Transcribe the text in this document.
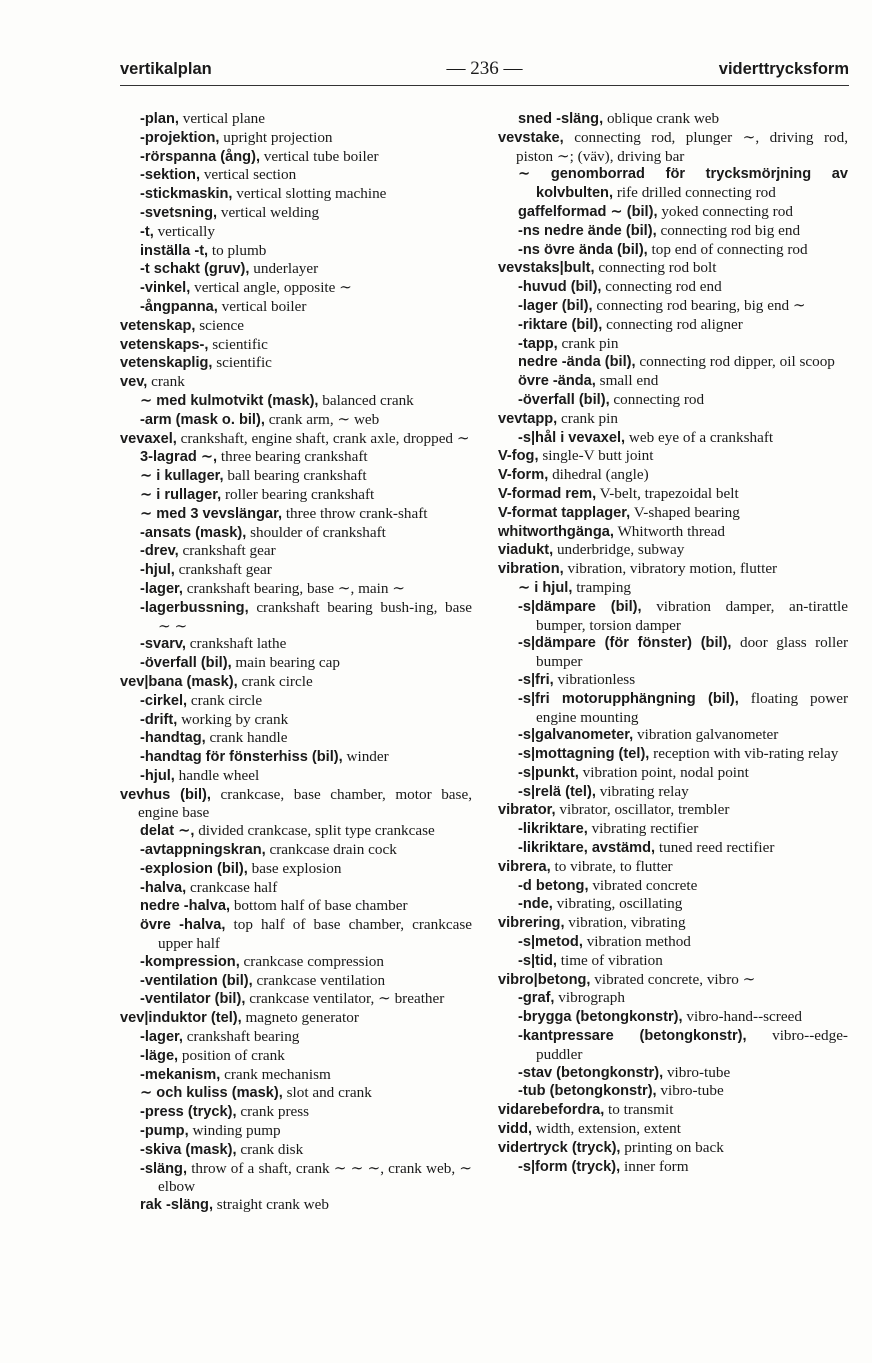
vertikalplan	— 236 —	viderttrycksform
-plan, vertical plane
-projektion, upright projection
-rörspanna (ång), vertical tube boiler
-sektion, vertical section
-stickmaskin, vertical slotting machine
-svetsning, vertical welding
-t, vertically
inställa -t, to plumb
-t schakt (gruv), underlayer
-vinkel, vertical angle, opposite ∼
-ångpanna, vertical boiler
vetenskap, science
vetenskaps-, scientific
vetenskaplig, scientific
vev, crank
∼ med kulmotvikt (mask), balanced crank
-arm (mask o. bil), crank arm, ∼ web
vevaxel, crankshaft, engine shaft, crank axle, dropped ∼
3-lagrad ∼, three bearing crankshaft
∼ i kullager, ball bearing crankshaft
∼ i rullager, roller bearing crankshaft
∼ med 3 vevslängar, three throw crank-shaft
-ansats (mask), shoulder of crankshaft
-drev, crankshaft gear
-hjul, crankshaft gear
-lager, crankshaft bearing, base ∼, main ∼
-lagerbussning, crankshaft bearing bush-ing, base ∼ ∼
-svarv, crankshaft lathe
-överfall (bil), main bearing cap
vev|bana (mask), crank circle
-cirkel, crank circle
-drift, working by crank
-handtag, crank handle
-handtag för fönsterhiss (bil), winder
-hjul, handle wheel
vevhus (bil), crankcase, base chamber, motor base, engine base
delat ∼, divided crankcase, split type crankcase
-avtappningskran, crankcase drain cock
-explosion (bil), base explosion
-halva, crankcase half
nedre -halva, bottom half of base chamber
övre -halva, top half of base chamber, crankcase upper half
-kompression, crankcase compression
-ventilation (bil), crankcase ventilation
-ventilator (bil), crankcase ventilator, ∼ breather
vev|induktor (tel), magneto generator
-lager, crankshaft bearing
-läge, position of crank
-mekanism, crank mechanism
∼ och kuliss (mask), slot and crank
-press (tryck), crank press
-pump, winding pump
-skiva (mask), crank disk
-släng, throw of a shaft, crank ∼ ∼ ∼, crank web, ∼ elbow
rak -släng, straight crank web
sned -släng, oblique crank web
vevstake, connecting rod, plunger ∼, driving rod, piston ∼; (väv), driving bar
∼ genomborrad för trycksmörjning av kolvbulten, rife drilled connecting rod
gaffelformad ∼ (bil), yoked connecting rod
-ns nedre ände (bil), connecting rod big end
-ns övre ända (bil), top end of connecting rod
vevstaks|bult, connecting rod bolt
-huvud (bil), connecting rod end
-lager (bil), connecting rod bearing, big end ∼
-riktare (bil), connecting rod aligner
-tapp, crank pin
nedre -ända (bil), connecting rod dipper, oil scoop
övre -ända, small end
-överfall (bil), connecting rod
vevtapp, crank pin
-s|hål i vevaxel, web eye of a crankshaft
V-fog, single-V butt joint
V-form, dihedral (angle)
V-formad rem, V-belt, trapezoidal belt
V-format tapplager, V-shaped bearing
whitworthgänga, Whitworth thread
viadukt, underbridge, subway
vibration, vibration, vibratory motion, flutter
∼ i hjul, tramping
-s|dämpare (bil), vibration damper, an-tirattle bumper, torsion damper
-s|dämpare (för fönster) (bil), door glass roller bumper
-s|fri, vibrationless
-s|fri motorupphängning (bil), floating power engine mounting
-s|galvanometer, vibration galvanometer
-s|mottagning (tel), reception with vib-rating relay
-s|punkt, vibration point, nodal point
-s|relä (tel), vibrating relay
vibrator, vibrator, oscillator, trembler
-likriktare, vibrating rectifier
-likriktare, avstämd, tuned reed rectifier
vibrera, to vibrate, to flutter
-d betong, vibrated concrete
-nde, vibrating, oscillating
vibrering, vibration, vibrating
-s|metod, vibration method
-s|tid, time of vibration
vibro|betong, vibrated concrete, vibro ∼
-graf, vibrograph
-brygga (betongkonstr), vibro-hand--screed
-kantpressare (betongkonstr), vibro--edge-puddler
-stav (betongkonstr), vibro-tube
-tub (betongkonstr), vibro-tube
vidarebefordra, to transmit
vidd, width, extension, extent
vidertryck (tryck), printing on back
-s|form (tryck), inner form
